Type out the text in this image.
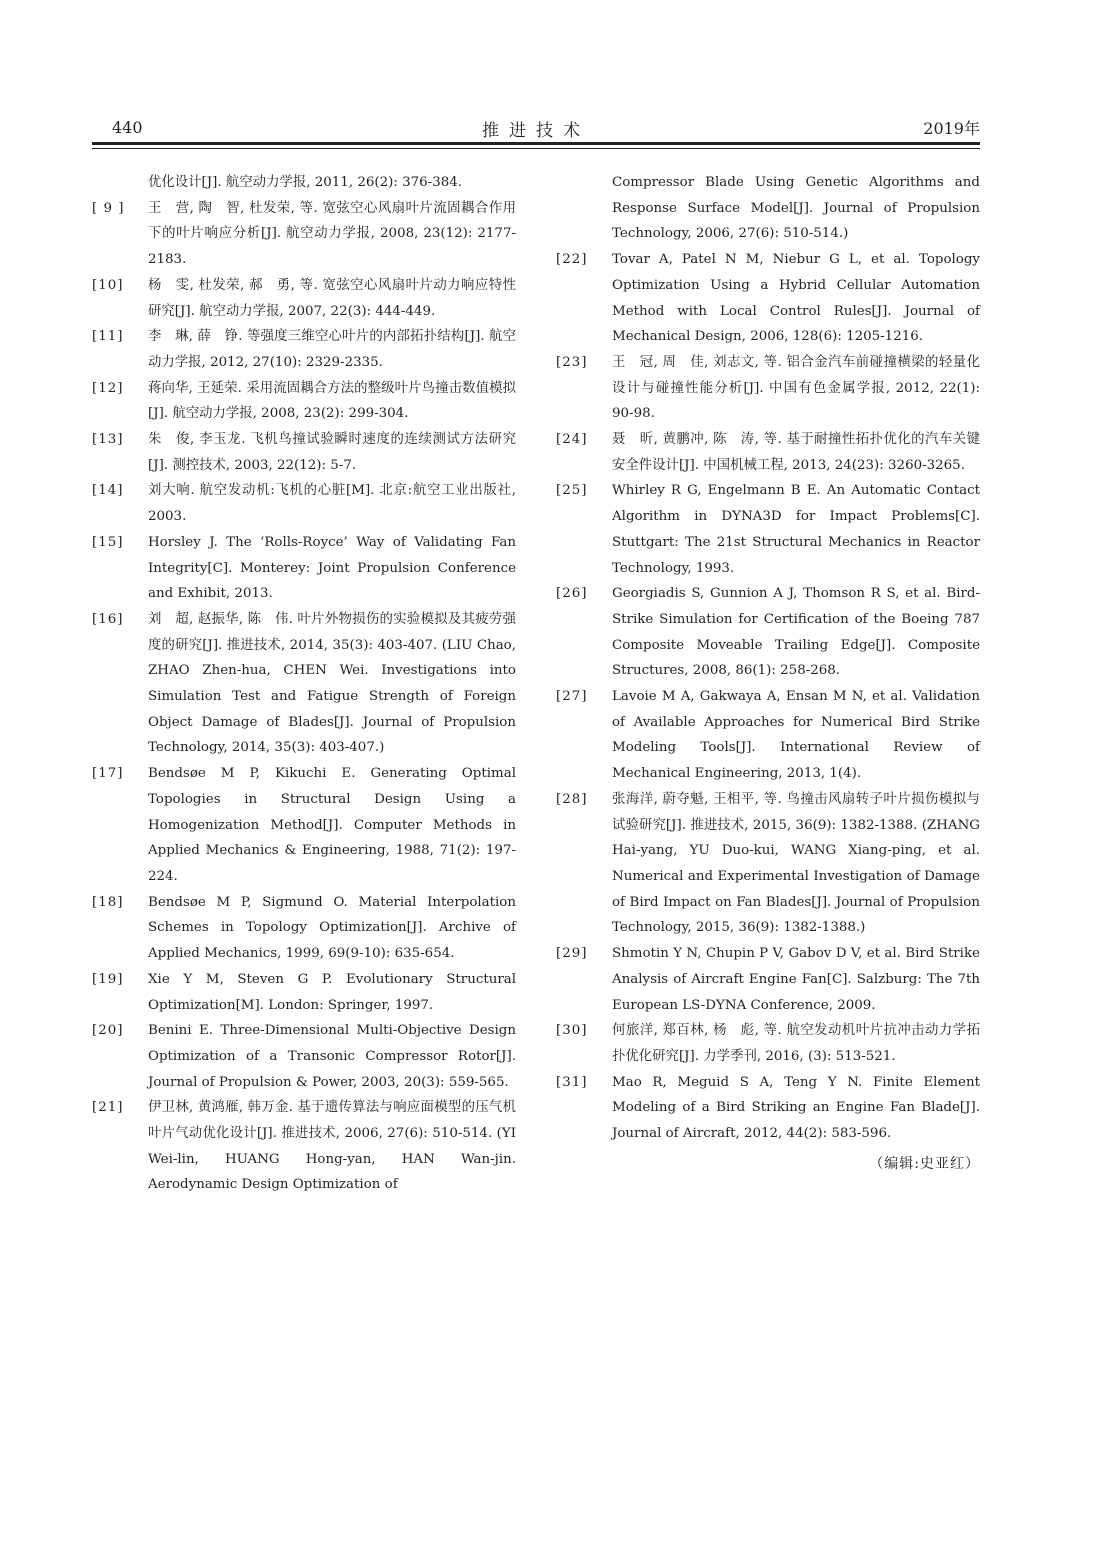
440	推进技术	2019年
优化设计[J]. 航空动力学报, 2011, 26(2): 376-384.
[ 9 ]	王　营, 陶　智, 杜发荣, 等. 宽弦空心风扇叶片流固耦合作用下的叶片响应分析[J]. 航空动力学报, 2008, 23(12): 2177-2183.
[10]	杨　雯, 杜发荣, 郝　勇, 等. 宽弦空心风扇叶片动力响应特性研究[J]. 航空动力学报, 2007, 22(3): 444-449.
[11]	李　琳, 薛　铮. 等强度三维空心叶片的内部拓扑结构[J]. 航空动力学报, 2012, 27(10): 2329-2335.
[12]	蒋向华, 王延荣. 采用流固耦合方法的整级叶片鸟撞击数值模拟[J]. 航空动力学报, 2008, 23(2): 299-304.
[13]	朱　俊, 李玉龙. 飞机鸟撞试验瞬时速度的连续测试方法研究[J]. 测控技术, 2003, 22(12): 5-7.
[14]	刘大响. 航空发动机:飞机的心脏[M]. 北京:航空工业出版社, 2003.
[15]	Horsley J. The ‘Rolls-Royce’ Way of Validating Fan Integrity[C]. Monterey: Joint Propulsion Conference and Exhibit, 2013.
[16]	刘　超, 赵振华, 陈　伟. 叶片外物损伤的实验模拟及其疲劳强度的研究[J]. 推进技术, 2014, 35(3): 403-407. (LIU Chao, ZHAO Zhen-hua, CHEN Wei. Investigations into Simulation Test and Fatigue Strength of Foreign Object Damage of Blades[J]. Journal of Propulsion Technology, 2014, 35(3): 403-407.)
[17]	Bendsøe M P, Kikuchi E. Generating Optimal Topologies in Structural Design Using a Homogenization Method[J]. Computer Methods in Applied Mechanics & Engineering, 1988, 71(2): 197-224.
[18]	Bendsøe M P, Sigmund O. Material Interpolation Schemes in Topology Optimization[J]. Archive of Applied Mechanics, 1999, 69(9-10): 635-654.
[19]	Xie Y M, Steven G P. Evolutionary Structural Optimization[M]. London: Springer, 1997.
[20]	Benini E. Three-Dimensional Multi-Objective Design Optimization of a Transonic Compressor Rotor[J]. Journal of Propulsion & Power, 2003, 20(3): 559-565.
[21]	伊卫林, 黄鸿雁, 韩万金. 基于遗传算法与响应面模型的压气机叶片气动优化设计[J]. 推进技术, 2006, 27(6): 510-514. (YI Wei-lin, HUANG Hong-yan, HAN Wan-jin. Aerodynamic Design Optimization of
Compressor Blade Using Genetic Algorithms and Response Surface Model[J]. Journal of Propulsion Technology, 2006, 27(6): 510-514.)
[22]	Tovar A, Patel N M, Niebur G L, et al. Topology Optimization Using a Hybrid Cellular Automation Method with Local Control Rules[J]. Journal of Mechanical Design, 2006, 128(6): 1205-1216.
[23]	王　冠, 周　佳, 刘志文, 等. 铝合金汽车前碰撞横梁的轻量化设计与碰撞性能分析[J]. 中国有色金属学报, 2012, 22(1): 90-98.
[24]	聂　昕, 黄鹏冲, 陈　涛, 等. 基于耐撞性拓扑优化的汽车关键安全件设计[J]. 中国机械工程, 2013, 24(23): 3260-3265.
[25]	Whirley R G, Engelmann B E. An Automatic Contact Algorithm in DYNA3D for Impact Problems[C]. Stuttgart: The 21st Structural Mechanics in Reactor Technology, 1993.
[26]	Georgiadis S, Gunnion A J, Thomson R S, et al. Bird-Strike Simulation for Certification of the Boeing 787 Composite Moveable Trailing Edge[J]. Composite Structures, 2008, 86(1): 258-268.
[27]	Lavoie M A, Gakwaya A, Ensan M N, et al. Validation of Available Approaches for Numerical Bird Strike Modeling Tools[J]. International Review of Mechanical Engineering, 2013, 1(4).
[28]	张海洋, 蔚夺魁, 王相平, 等. 鸟撞击风扇转子叶片损伤模拟与试验研究[J]. 推进技术, 2015, 36(9): 1382-1388. (ZHANG Hai-yang, YU Duo-kui, WANG Xiang-ping, et al. Numerical and Experimental Investigation of Damage of Bird Impact on Fan Blades[J]. Journal of Propulsion Technology, 2015, 36(9): 1382-1388.)
[29]	Shmotin Y N, Chupin P V, Gabov D V, et al. Bird Strike Analysis of Aircraft Engine Fan[C]. Salzburg: The 7th European LS-DYNA Conference, 2009.
[30]	何旅洋, 郑百林, 杨　彪, 等. 航空发动机叶片抗冲击动力学拓扑优化研究[J]. 力学季刊, 2016, (3): 513-521.
[31]	Mao R, Meguid S A, Teng Y N. Finite Element Modeling of a Bird Striking an Engine Fan Blade[J]. Journal of Aircraft, 2012, 44(2): 583-596.
（编辑:史亚红）
